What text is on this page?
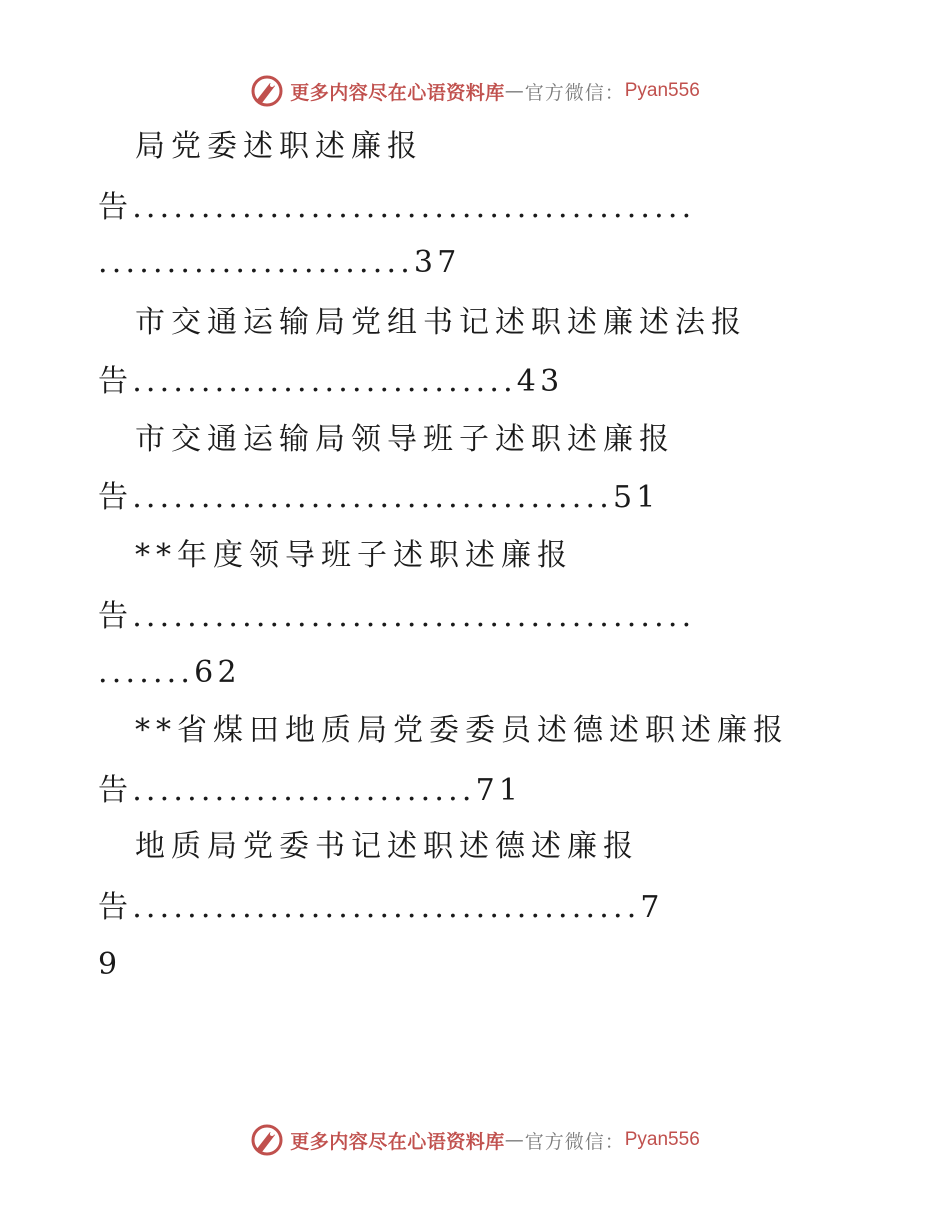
更多内容尽在心语资料库 — 官方微信： Pyan556
局党委述职述廉报
告.........................................
.......................37
市交通运输局党组书记述职述廉述法报
告............................43
市交通运输局领导班子述职述廉报
告...................................51
**年度领导班子述职述廉报
告.........................................
.......62
**省煤田地质局党委委员述德述职述廉报
告.........................71
地质局党委书记述职述德述廉报
告.....................................7
9
更多内容尽在心语资料库 — 官方微信： Pyan556
